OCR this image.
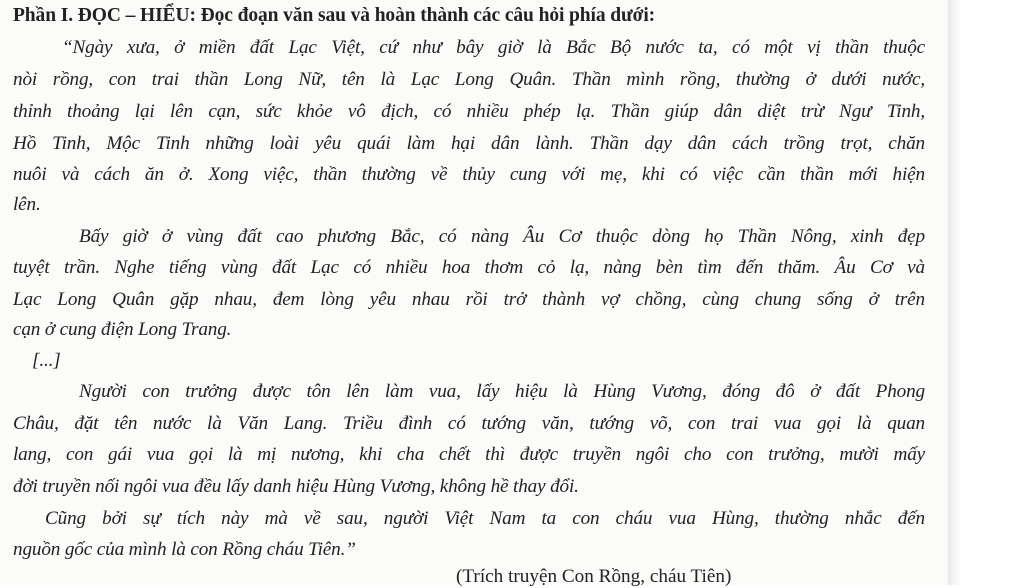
Phần I. ĐỌC – HIỂU: Đọc đoạn văn sau và hoàn thành các câu hỏi phía dưới:
“Ngày xưa, ở miền đất Lạc Việt, cứ như bây giờ là Bắc Bộ nước ta, có một vị thần thuộc
nòi rồng, con trai thần Long Nữ, tên là Lạc Long Quân. Thần mình rồng, thường ở dưới nước,
thỉnh thoảng lại lên cạn, sức khỏe vô địch, có nhiều phép lạ. Thần giúp dân diệt trừ Ngư Tinh,
Hồ Tinh, Mộc Tinh những loài yêu quái làm hại dân lành. Thần dạy dân cách trồng trọt, chăn
nuôi và cách ăn ở. Xong việc, thần thường về thủy cung với mẹ, khi có việc cần thần mới hiện
lên.
Bấy giờ ở vùng đất cao phương Bắc, có nàng Âu Cơ thuộc dòng họ Thần Nông, xinh đẹp
tuyệt trần. Nghe tiếng vùng đất Lạc có nhiều hoa thơm cỏ lạ, nàng bèn tìm đến thăm. Âu Cơ và
Lạc Long Quân gặp nhau, đem lòng yêu nhau rồi trở thành vợ chồng, cùng chung sống ở trên
cạn ở cung điện Long Trang.
[...]
Người con trưởng được tôn lên làm vua, lấy hiệu là Hùng Vương, đóng đô ở đất Phong
Châu, đặt tên nước là Văn Lang. Triều đình có tướng văn, tướng võ, con trai vua gọi là quan
lang, con gái vua gọi là mị nương, khi cha chết thì được truyền ngôi cho con trưởng, mười mấy
đời truyền nối ngôi vua đều lấy danh hiệu Hùng Vương, không hề thay đổi.
Cũng bởi sự tích này mà về sau, người Việt Nam ta con cháu vua Hùng, thường nhắc đến
nguồn gốc của mình là con Rồng cháu Tiên.”
(Trích truyện Con Rồng, cháu Tiên)
